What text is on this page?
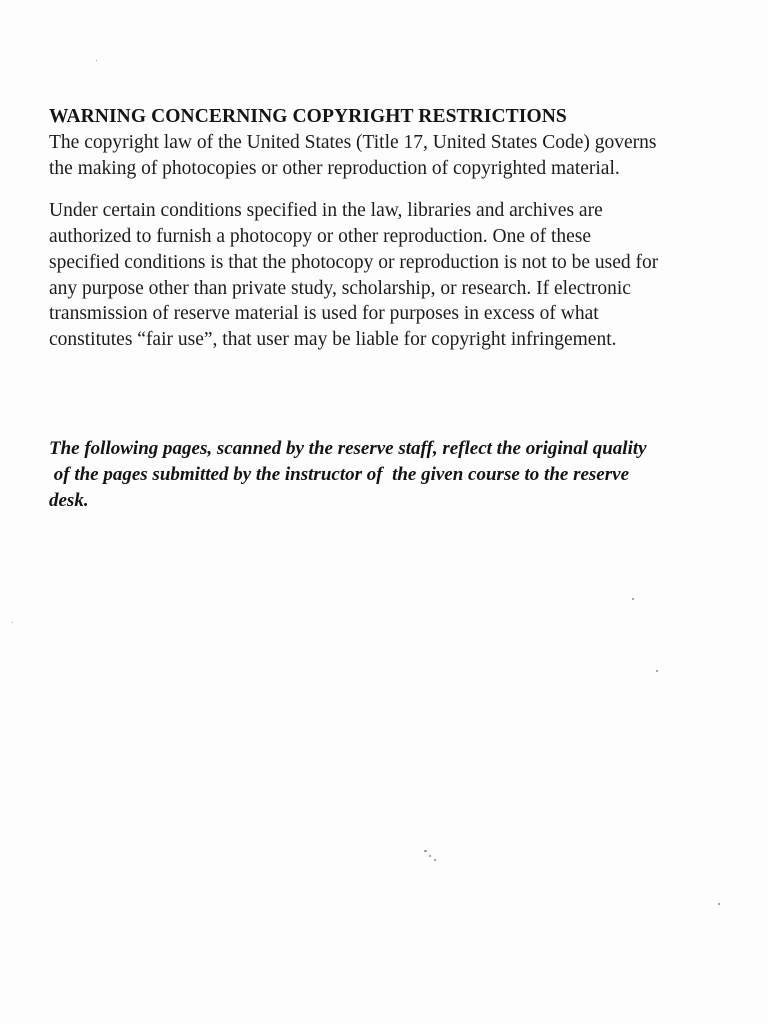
WARNING CONCERNING COPYRIGHT RESTRICTIONS

The copyright law of the United States (Title 17, United States Code) governs
the making of photocopies or other reproduction of copyrighted material.

Under certain conditions specified in the law, libraries and archives are
authorized to furnish a photocopy or other reproduction. One of these
specified conditions is that the photocopy or reproduction is not to be used for
any purpose other than private study, scholarship, or research. If electronic
transmission of reserve material is used for purposes in excess of what
constitutes “fair use”, that user may be liable for copyright infringement.

The following pages, scanned by the reserve staff, reflect the original quality
of the pages submitted by the instructor of  the given course to the reserve
desk.
